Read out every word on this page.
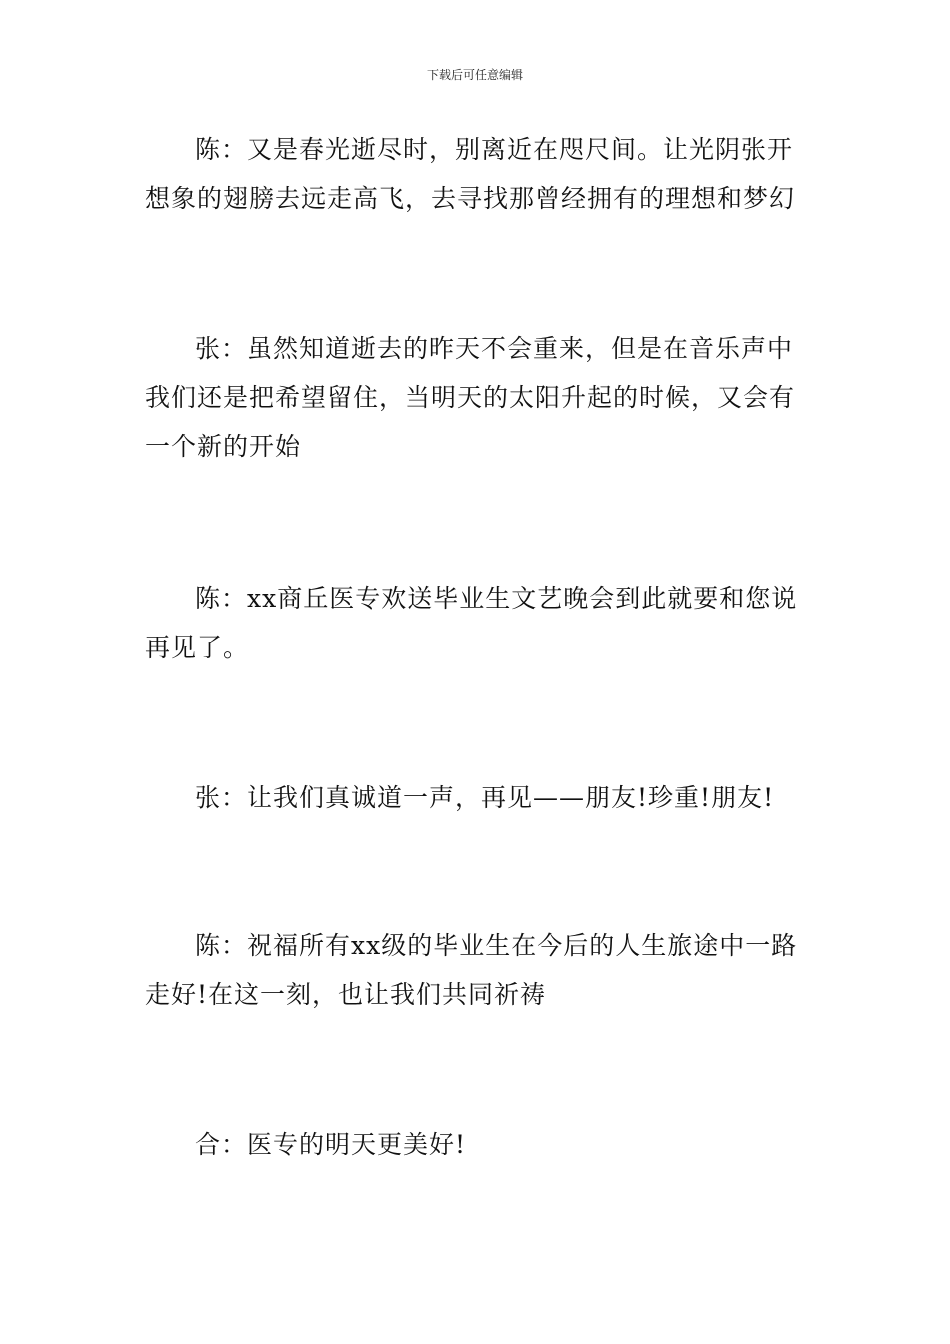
下载后可任意编辑
陈：又是春光逝尽时，别离近在咫尺间。让光阴张开想象的翅膀去远走高飞，去寻找那曾经拥有的理想和梦幻
张：虽然知道逝去的昨天不会重来，但是在音乐声中我们还是把希望留住，当明天的太阳升起的时候，又会有一个新的开始
陈：xx商丘医专欢送毕业生文艺晚会到此就要和您说再见了。
张：让我们真诚道一声，再见——朋友!珍重!朋友!
陈：祝福所有xx级的毕业生在今后的人生旅途中一路走好!在这一刻，也让我们共同祈祷
合：医专的明天更美好!
